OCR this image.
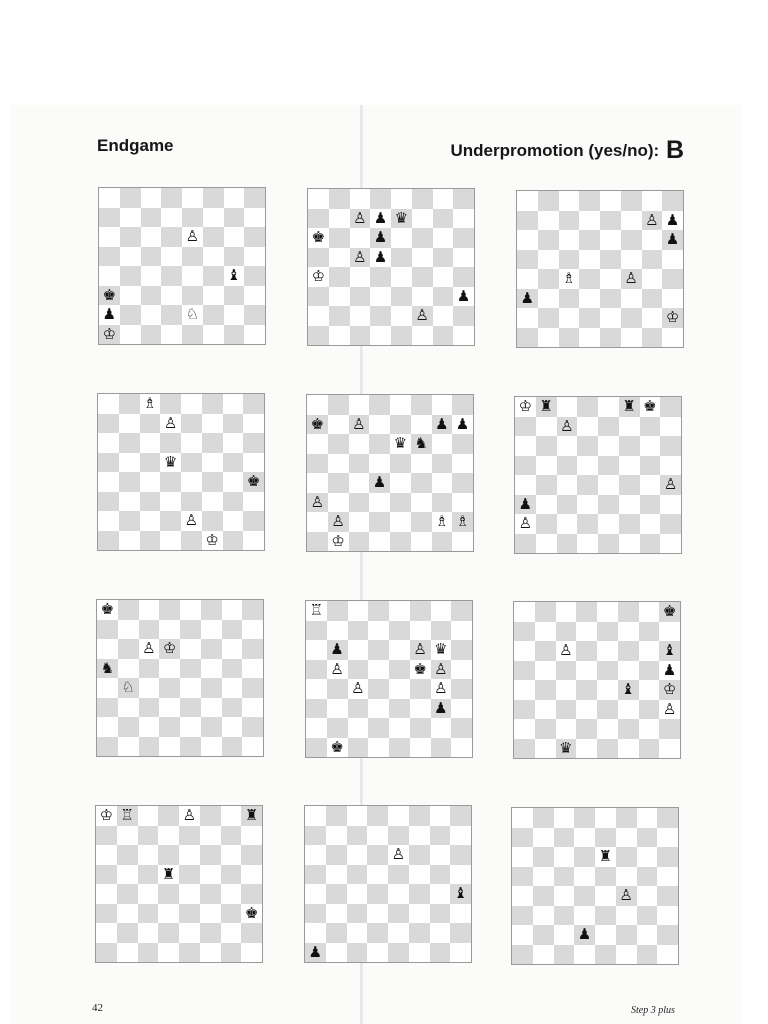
Endgame	Underpromotion (yes/no): B
♙
♝
♚
♟	♘
♔
♙ ♟ ♛
♚	♟
♙ ♟
♔
♟
♙
♙ ♟
♟
♗	♙
♟
♔
♗
♙
♛
♚
♙
♔
♚ ♙	♟ ♟
♛ ♞
♟
♙
♙	♗ ♗
♔
♔ ♜	♜ ♚
♙
♙
♟
♙
♚
♙ ♔
♞
♘
♖
♟	♙ ♛
♙	♚ ♙
♙	♙
♟
♚
♚
♙	♝
♟
♝ ♔
♙
♛
♔ ♖	♙	♜
♜
♚
♙
♝
♟
♜
♙
♟
42	Step 3 plus
